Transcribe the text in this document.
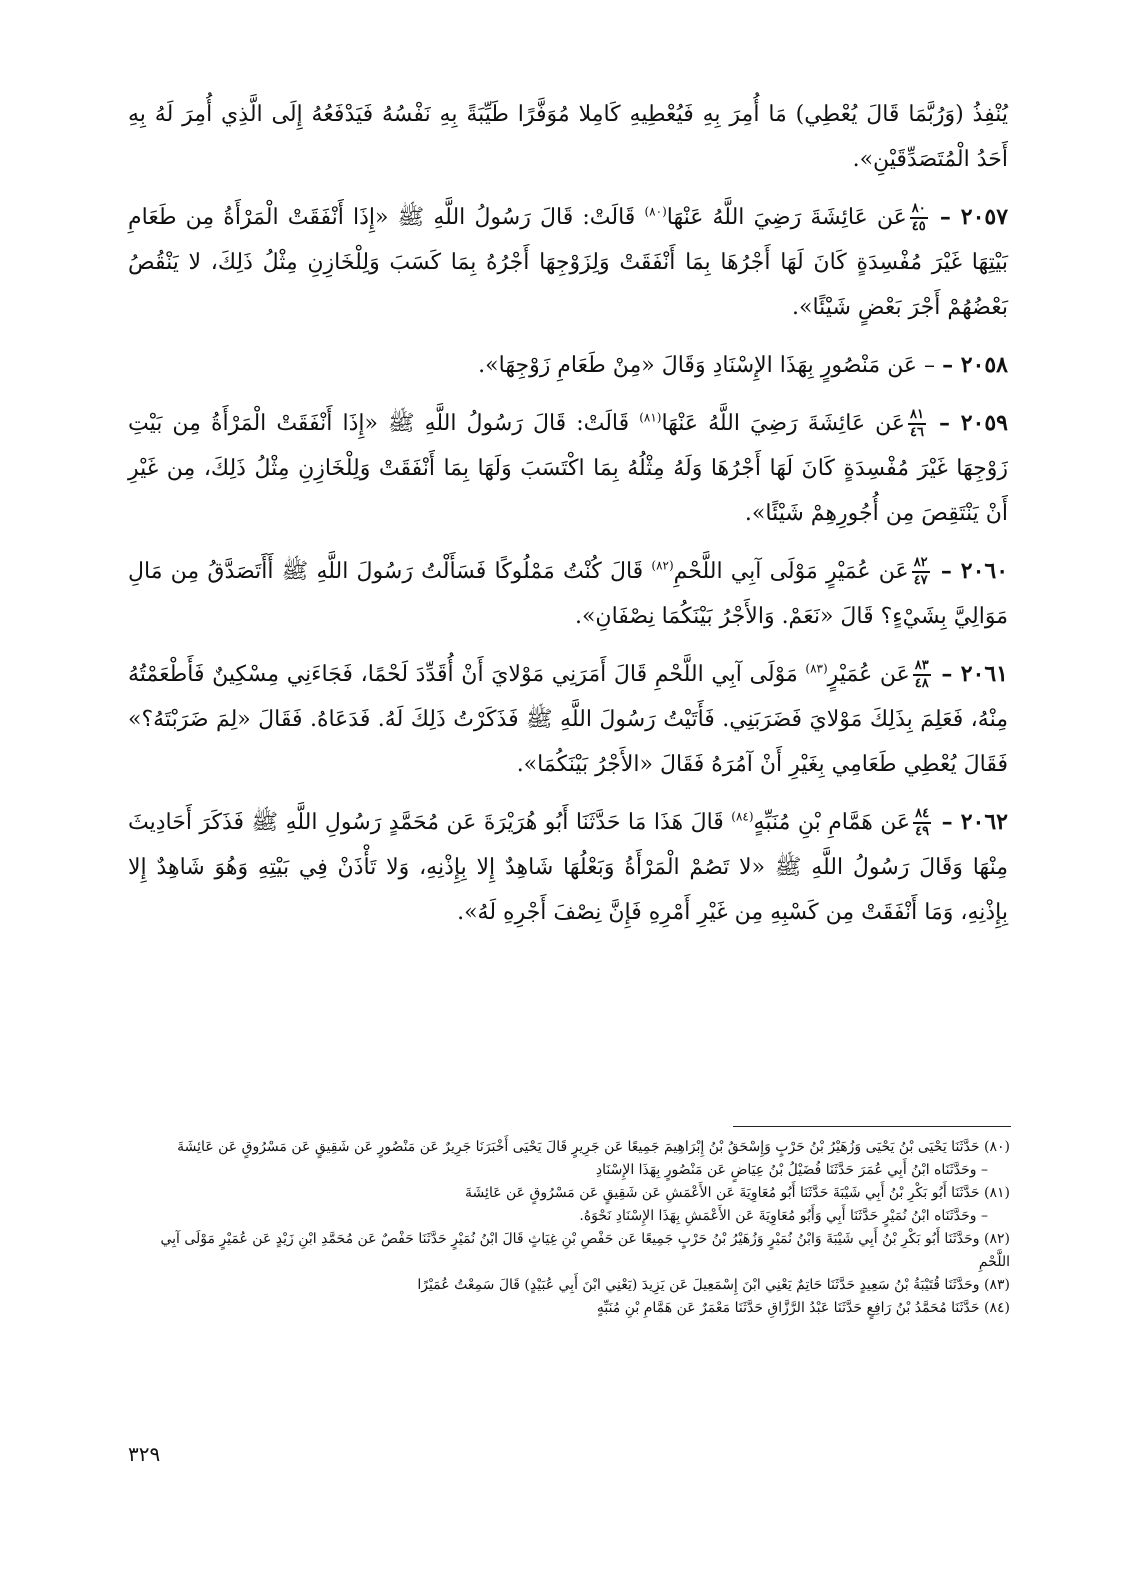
يُنْفِذُ (وَرُبَّمَا قَالَ يُعْطِي) مَا أُمِرَ بِهِ فَيُعْطِيهِ كَامِلا مُوَفَّرًا طَيِّبَةً بِهِ نَفْسُهُ فَيَدْفَعُهُ إِلَى الَّذِي أُمِرَ لَهُ بِهِ أَحَدُ الْمُتَصَدِّقَيْنِ».

٢٠٥٧ –
$\frac{٨٠}{٤٥}$
عَن عَائِشَةَ رَضِيَ اللَّهُ عَنْهَا$^{(٨٠)}$ قَالَتْ: قَالَ رَسُولُ اللَّهِ ﷺ «إِذَا أَنْفَقَتْ الْمَرْأَةُ مِن طَعَامِ بَيْتِهَا غَيْرَ مُفْسِدَةٍ كَانَ لَهَا أَجْرُهَا بِمَا أَنْفَقَتْ وَلِزَوْجِهَا أَجْرُهُ بِمَا كَسَبَ وَلِلْخَازِنِ مِثْلُ ذَلِكَ، لا يَنْقُصُ بَعْضُهُمْ أَجْرَ بَعْضٍ شَيْئًا».

٢٠٥٨ – – عَن مَنْصُورٍ بِهَذَا الإِسْنَادِ وَقَالَ «مِنْ طَعَامِ زَوْجِهَا».

٢٠٥٩ –
$\frac{٨١}{٤٦}$
عَن عَائِشَةَ رَضِيَ اللَّهُ عَنْهَا$^{(٨١)}$ قَالَتْ: قَالَ رَسُولُ اللَّهِ ﷺ «إِذَا أَنْفَقَتْ الْمَرْأَةُ مِن بَيْتِ زَوْجِهَا غَيْرَ مُفْسِدَةٍ كَانَ لَهَا أَجْرُهَا وَلَهُ مِثْلُهُ بِمَا اكْتَسَبَ وَلَهَا بِمَا أَنْفَقَتْ وَلِلْخَازِنِ مِثْلُ ذَلِكَ، مِن غَيْرِ أَنْ يَنْتَقِصَ مِن أُجُورِهِمْ شَيْئًا».

٢٠٦٠ –
$\frac{٨٢}{٤٧}$
عَن عُمَيْرٍ مَوْلَى آبِي اللَّحْمِ$^{(٨٢)}$ قَالَ كُنْتُ مَمْلُوكًا فَسَأَلْتُ رَسُولَ اللَّهِ ﷺ أَأَتَصَدَّقُ مِن مَالِ مَوَالِيَّ بِشَيْءٍ؟ قَالَ «نَعَمْ. وَالأَجْرُ بَيْنَكُمَا نِصْفَانِ».

٢٠٦١ –
$\frac{٨٣}{٤٨}$
عَن عُمَيْرٍ$^{(٨٣)}$ مَوْلَى آبِي اللَّحْمِ قَالَ أَمَرَنِي مَوْلايَ أَنْ أُقَدِّدَ لَحْمًا، فَجَاءَنِي مِسْكِينٌ فَأَطْعَمْتُهُ مِنْهُ، فَعَلِمَ بِذَلِكَ مَوْلايَ فَضَرَبَنِي. فَأَتَيْتُ رَسُولَ اللَّهِ ﷺ فَذَكَرْتُ ذَلِكَ لَهُ. فَدَعَاهُ. فَقَالَ «لِمَ ضَرَبْتَهُ؟» فَقَالَ يُعْطِي طَعَامِي بِغَيْرِ أَنْ آمُرَهُ فَقَالَ «الأَجْرُ بَيْنَكُمَا».

٢٠٦٢ –
$\frac{٨٤}{٤٩}$
عَن هَمَّامِ بْنِ مُنَبِّهٍ$^{(٨٤)}$ قَالَ هَذَا مَا حَدَّثَنَا أَبُو هُرَيْرَةَ عَن مُحَمَّدٍ رَسُولِ اللَّهِ ﷺ فَذَكَرَ أَحَادِيثَ مِنْهَا وَقَالَ رَسُولُ اللَّهِ ﷺ «لا تَصُمْ الْمَرْأَةُ وَبَعْلُهَا شَاهِدٌ إِلا بِإِذْنِهِ، وَلا تَأْذَنْ فِي بَيْتِهِ وَهُوَ شَاهِدٌ إِلا بِإِذْنِهِ، وَمَا أَنْفَقَتْ مِن كَسْبِهِ مِن غَيْرِ أَمْرِهِ فَإِنَّ نِصْفَ أَجْرِهِ لَهُ».

(٨٠) حَدَّثَنَا يَحْيَى بْنُ يَحْيَى وَزُهَيْرُ بْنُ حَرْبٍ وَإِسْحَقُ بْنُ إِبْرَاهِيمَ جَمِيعًا عَن جَرِيرٍ قَالَ يَحْيَى أَخْبَرَنَا جَرِيرٌ عَن مَنْصُورٍ عَن شَقِيقٍ عَن مَسْرُوقٍ عَن عَائِشَةَ

– وحَدَّثَنَاه ابْنُ أَبِي عُمَرَ حَدَّثَنَا فُضَيْلُ بْنُ عِيَاضٍ عَن مَنْصُورٍ بِهَذَا الإِسْنَادِ

(٨١) حَدَّثَنَا أَبُو بَكْرِ بْنُ أَبِي شَيْبَةَ حَدَّثَنَا أَبُو مُعَاوِيَةَ عَن الأَعْمَشِ عَن شَقِيقٍ عَن مَسْرُوقٍ عَن عَائِشَةَ

– وحَدَّثَنَاه ابْنُ نُمَيْرٍ حَدَّثَنَا أَبِي وَأَبُو مُعَاوِيَةَ عَن الأَعْمَشِ بِهَذَا الإِسْنَادِ نَحْوَهُ.

(٨٢) وحَدَّثَنَا أَبُو بَكْرِ بْنُ أَبِي شَيْبَةَ وَابْنُ نُمَيْرٍ وَزُهَيْرُ بْنُ حَرْبٍ جَمِيعًا عَن حَفْصِ بْنِ غِيَاثٍ قَالَ ابْنُ نُمَيْرٍ حَدَّثَنَا حَفْصٌ عَن مُحَمَّدِ ابْنِ زَيْدٍ عَن عُمَيْرٍ مَوْلَى آبِي اللَّحْمِ

(٨٣) وحَدَّثَنَا قُتَيْبَةُ بْنُ سَعِيدٍ حَدَّثَنَا حَاتِمٌ يَعْنِي ابْنَ إِسْمَعِيلَ عَن يَزِيدَ (يَعْنِي ابْنَ أَبِي عُبَيْدٍ) قَالَ سَمِعْتُ عُمَيْرًا

(٨٤) حَدَّثَنَا مُحَمَّدُ بْنُ رَافِعٍ حَدَّثَنَا عَبْدُ الرَّزَّاقِ حَدَّثَنَا مَعْمَرٌ عَن هَمَّامِ بْنِ مُنَبِّهٍ

٣٢٩
